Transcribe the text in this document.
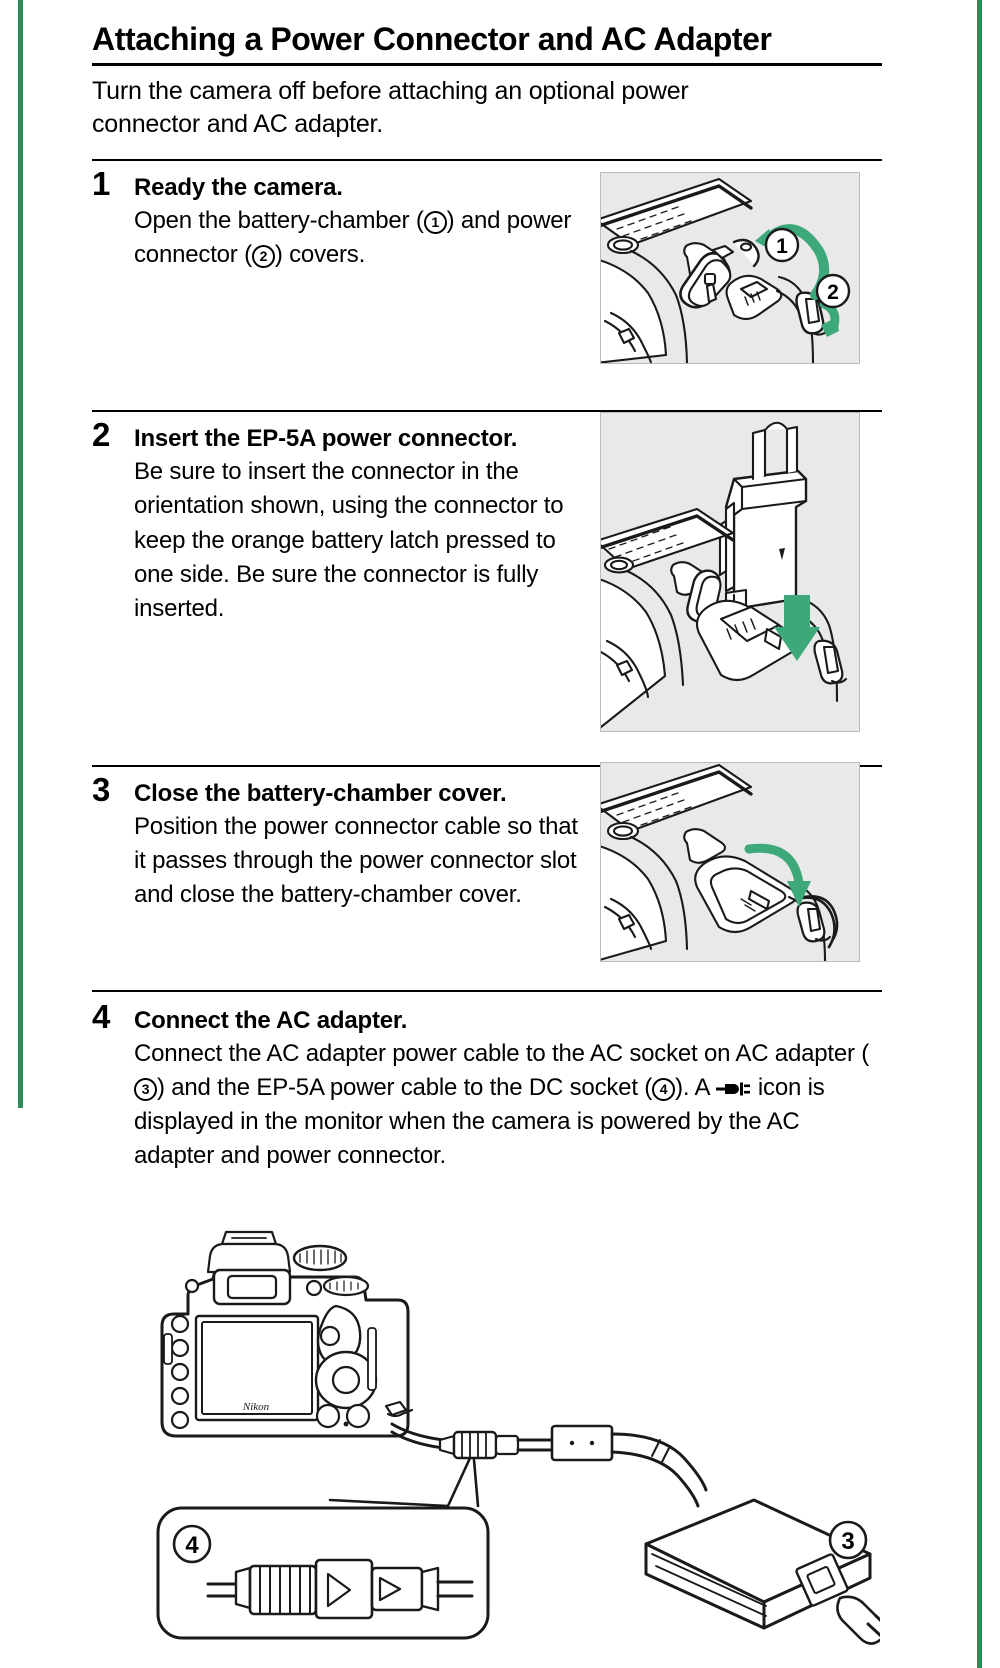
Attaching a Power Connector and AC Adapter
Turn the camera off before attaching an optional power connector and AC adapter.
1 Ready the camera.
Open the battery-chamber ( 1 ) and power connector ( 2 ) covers.
2 Insert the EP-5A power connector.
Be sure to insert the connector in the orientation shown, using the connector to keep the orange battery latch pressed to one side. Be sure the connector is fully inserted.
3 Close the battery-chamber cover.
Position the power connector cable so that it passes through the power connector slot and close the battery-chamber cover.
4 Connect the AC adapter.
Connect the AC adapter power cable to the AC socket on AC adapter (3 ) and the EP-5A power cable to the DC socket ( 4 ). A  icon is displayed in the monitor when the camera is powered by the AC adapter and power connector.
1
2
Nikon
4	3
